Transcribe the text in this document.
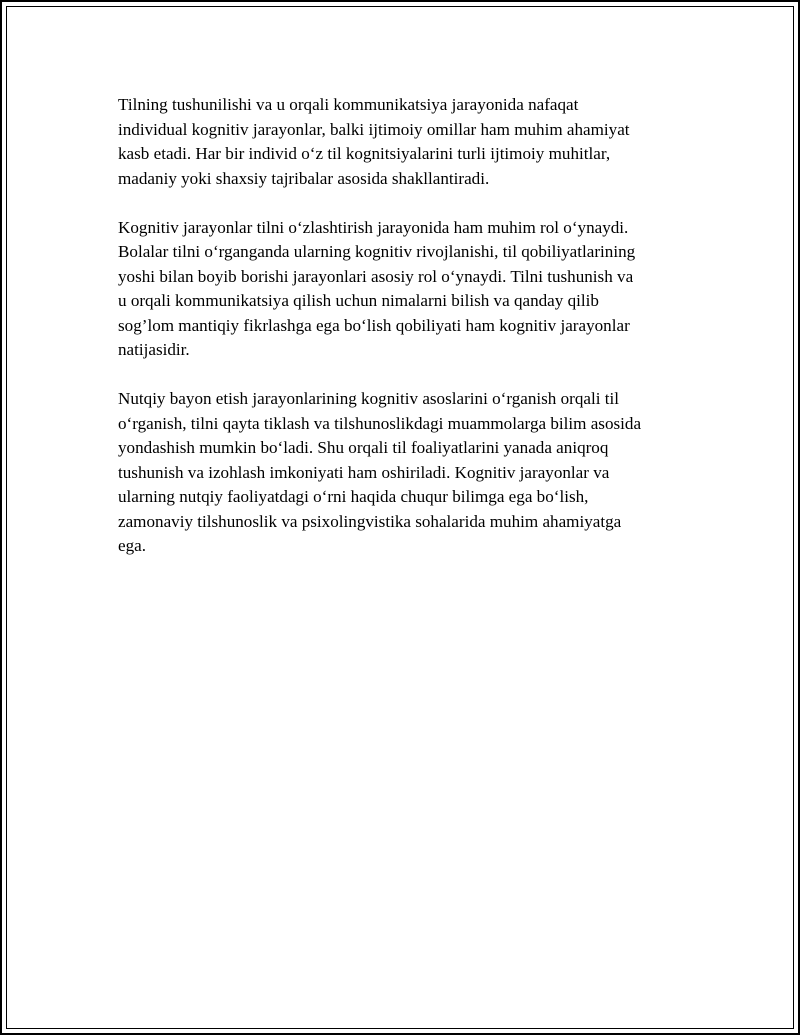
Tilning tushunilishi va u orqali kommunikatsiya jarayonida nafaqat
individual kognitiv jarayonlar, balki ijtimoiy omillar ham muhim ahamiyat
kasb etadi. Har bir individ o‘z til kognitsiyalarini turli ijtimoiy muhitlar,
madaniy yoki shaxsiy tajribalar asosida shakllantiradi.

Kognitiv jarayonlar tilni o‘zlashtirish jarayonida ham muhim rol o‘ynaydi.
Bolalar tilni o‘rganganda ularning kognitiv rivojlanishi, til qobiliyatlarining
yoshi bilan boyib borishi jarayonlari asosiy rol o‘ynaydi. Tilni tushunish va
u orqali kommunikatsiya qilish uchun nimalarni bilish va qanday qilib
sog’lom mantiqiy fikrlashga ega bo‘lish qobiliyati ham kognitiv jarayonlar
natijasidir.

Nutqiy bayon etish jarayonlarining kognitiv asoslarini o‘rganish orqali til
o‘rganish, tilni qayta tiklash va tilshunoslikdagi muammolarga bilim asosida
yondashish mumkin bo‘ladi. Shu orqali til foaliyatlarini yanada aniqroq
tushunish va izohlash imkoniyati ham oshiriladi. Kognitiv jarayonlar va
ularning nutqiy faoliyatdagi o‘rni haqida chuqur bilimga ega bo‘lish,
zamonaviy tilshunoslik va psixolingvistika sohalarida muhim ahamiyatga
ega.
